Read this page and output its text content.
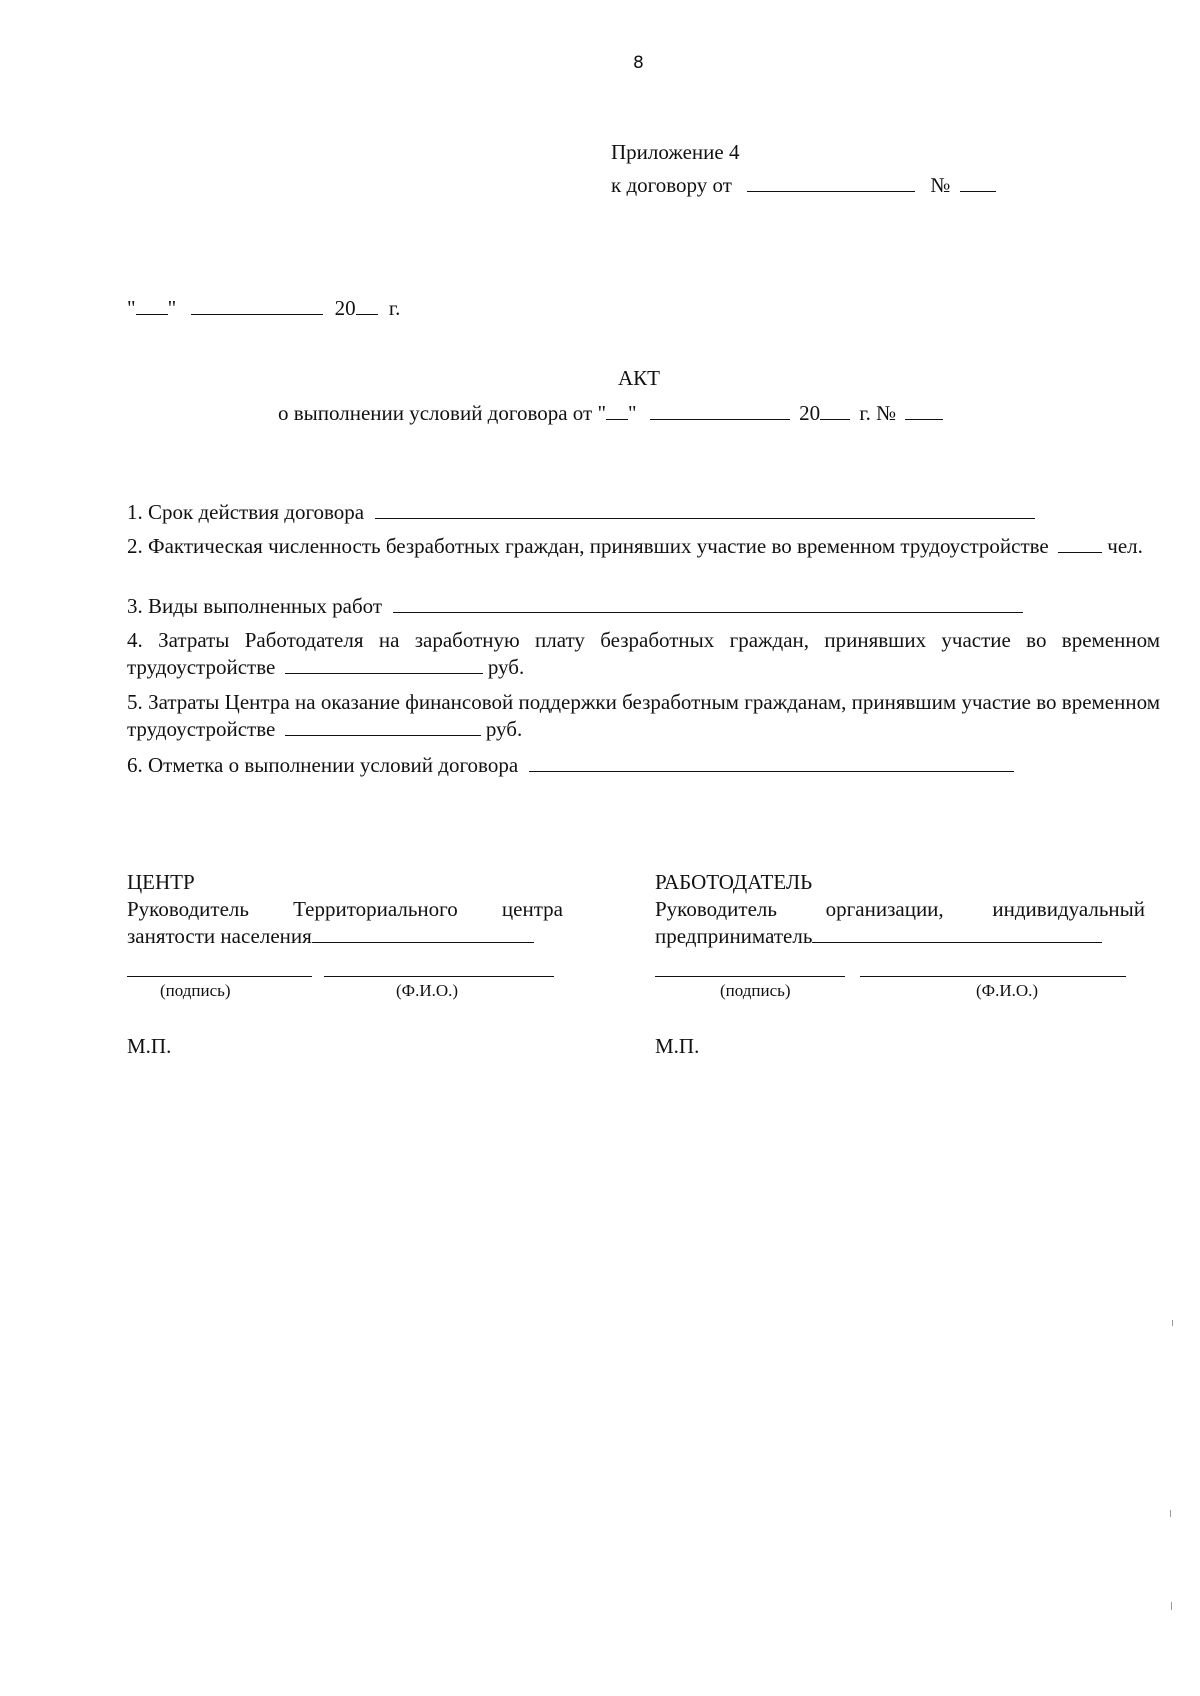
8
Приложение 4
к договору от	№
" "	20 г.
АКТ
о выполнении условий договора от " "	20 г. №
1. Срок действия договора
2. Фактическая численность безработных граждан, принявших участие во временном трудоустройстве	чел.
3. Виды выполненных работ
4. Затраты Работодателя на заработную плату безработных граждан, принявших участие во временном трудоустройстве	руб.
5. Затраты Центра на оказание финансовой поддержки безработным гражданам, принявшим участие во временном трудоустройстве	руб.
6. Отметка о выполнении условий договора
ЦЕНТР
Руководитель Территориального центра
занятости населения
(подпись)	(Ф.И.О.)
М.П.
РАБОТОДАТЕЛЬ
Руководитель организации, индивидуальный
предприниматель
(подпись)	(Ф.И.О.)
М.П.
